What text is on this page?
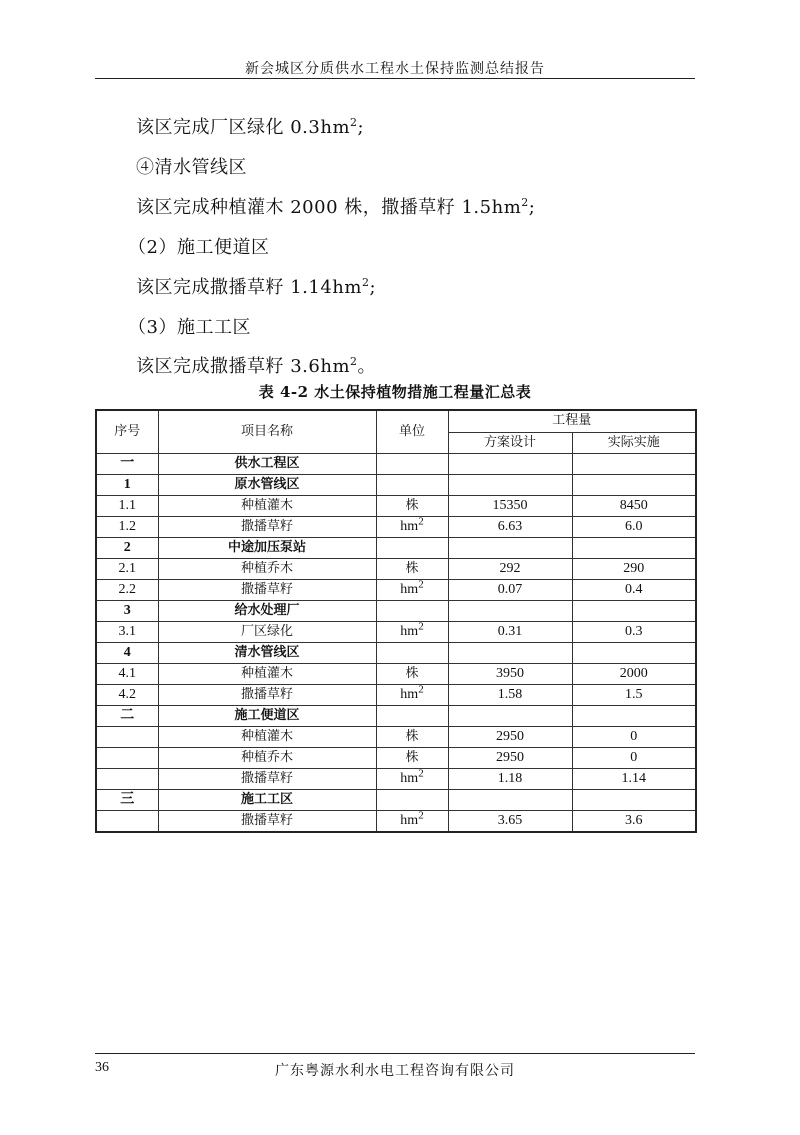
新会城区分质供水工程水土保持监测总结报告
该区完成厂区绿化 $0.3hm^2$;
④清水管线区
该区完成种植灌木 2000 株，撒播草籽 $1.5hm^2$;
（2）施工便道区
该区完成撒播草籽 $1.14hm^2$;
（3）施工工区
该区完成撒播草籽 $3.6hm^2$。
表 4-2 水土保持植物措施工程量汇总表
序号	项目名称	单位	工程量	
			方案设计	实际实施
一	供水工程区			
1	原水管线区			
1.1	种植灌木	株	15350	8450
1.2	撒播草籽	$hm^2$	6.63	6.0
2	中途加压泵站			
2.1	种植乔木	株	292	290
2.2	撒播草籽	$hm^2$	0.07	0.4
3	给水处理厂			
3.1	厂区绿化	$hm^2$	0.31	0.3
4	清水管线区			
4.1	种植灌木	株	3950	2000
4.2	撒播草籽	$hm^2$	1.58	1.5
二	施工便道区			
	种植灌木	株	2950	0
	种植乔木	株	2950	0
	撒播草籽	$hm^2$	1.18	1.14
三	施工工区			
	撒播草籽	$hm^2$	3.65	3.6
36	广东粤源水利水电工程咨询有限公司
